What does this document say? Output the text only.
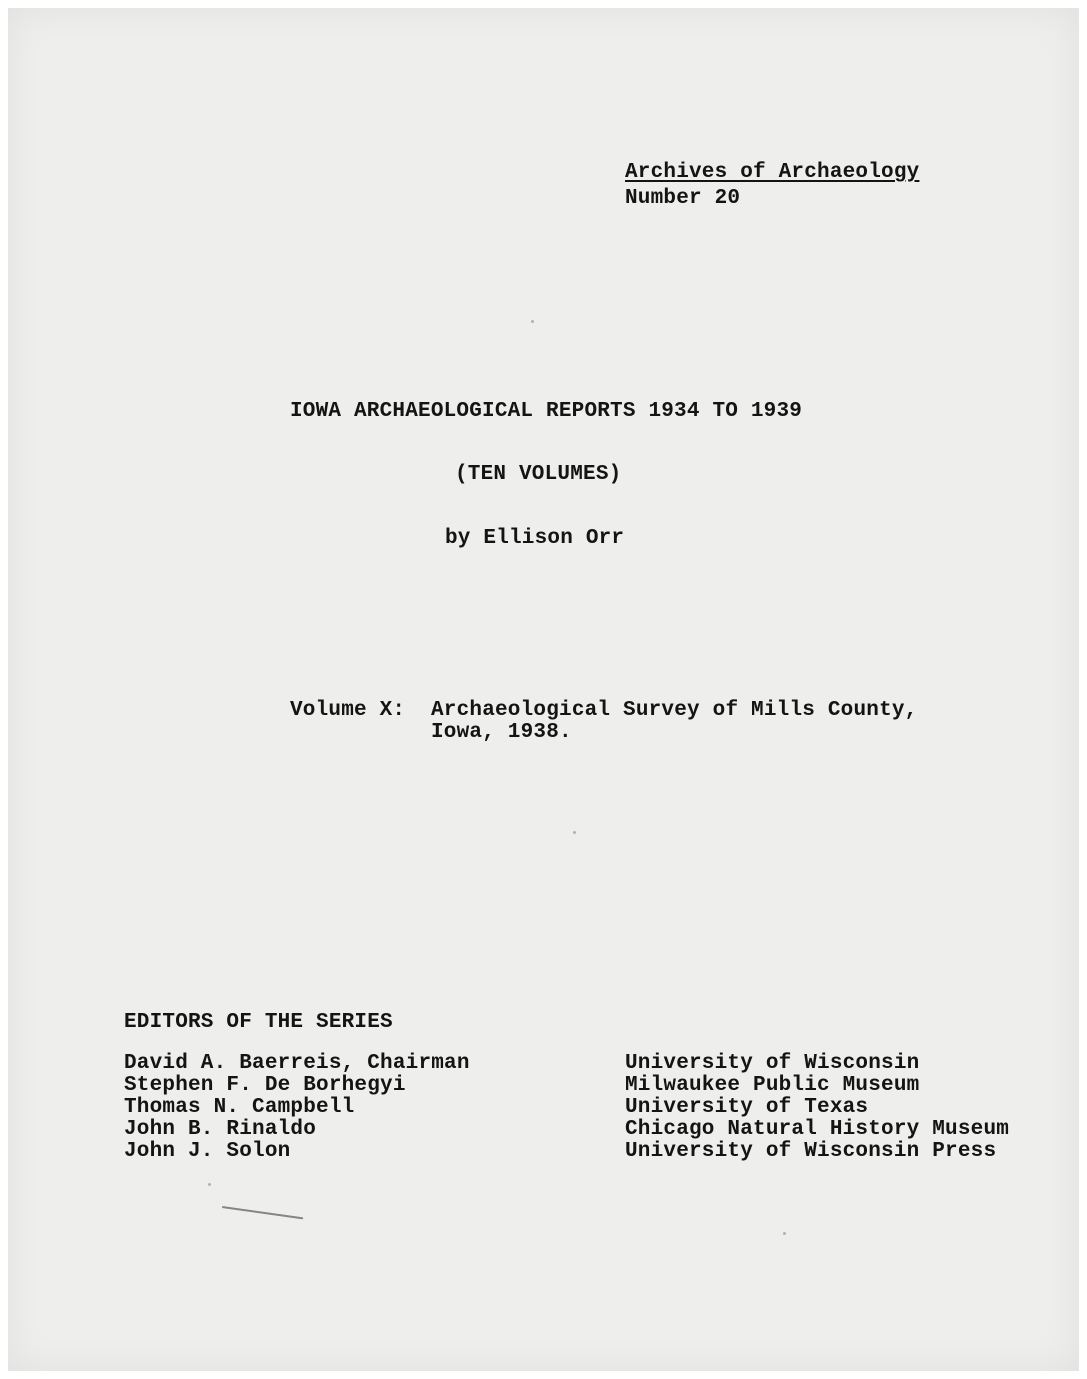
Archives of Archaeology
Number 20
IOWA ARCHAEOLOGICAL REPORTS 1934 TO 1939
(TEN VOLUMES)
by Ellison Orr
Volume X: Archaeological Survey of Mills County,
Iowa, 1938.
EDITORS OF THE SERIES
David A. Baerreis, Chairman	University of Wisconsin
Stephen F. De Borhegyi	Milwaukee Public Museum
Thomas N. Campbell	University of Texas
John B. Rinaldo	Chicago Natural History Museum
John J. Solon	University of Wisconsin Press
